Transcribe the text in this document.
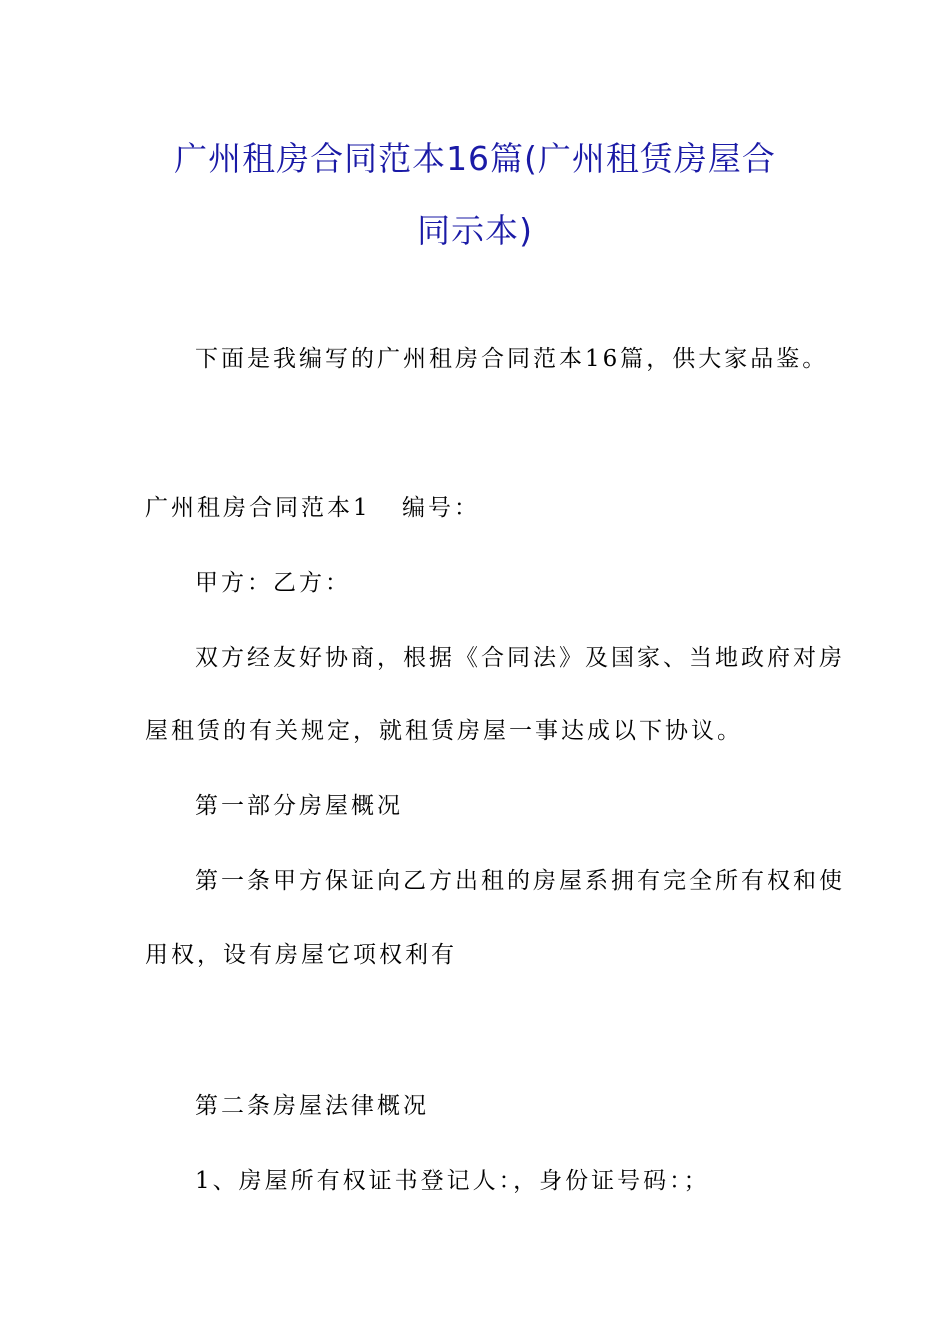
广州租房合同范本16篇(广州租赁房屋合
同示本)
下面是我编写的广州租房合同范本16篇，供大家品鉴。
广州租房合同范本1 编号：
甲方：乙方：
双方经友好协商，根据《合同法》及国家、当地政府对房
屋租赁的有关规定，就租赁房屋一事达成以下协议。
第一部分房屋概况
第一条甲方保证向乙方出租的房屋系拥有完全所有权和使
用权，设有房屋它项权利有
第二条房屋法律概况
1、房屋所有权证书登记人：，身份证号码：；
